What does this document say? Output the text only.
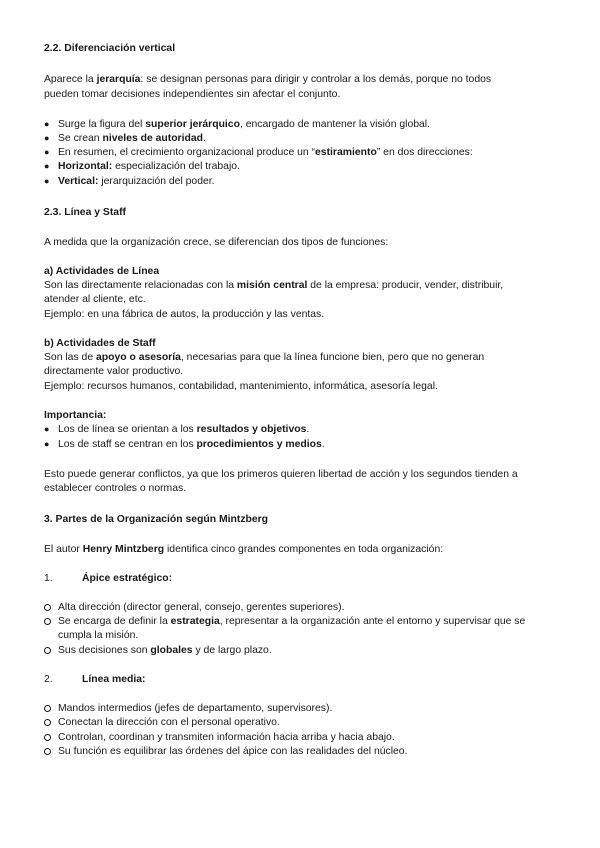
2.2. Diferenciación vertical
Aparece la jerarquía: se designan personas para dirigir y controlar a los demás, porque no todos
pueden tomar decisiones independientes sin afectar el conjunto.
● Surge la figura del superior jerárquico, encargado de mantener la visión global.
● Se crean niveles de autoridad.
● En resumen, el crecimiento organizacional produce un “estiramiento” en dos direcciones:
● Horizontal: especialización del trabajo.
● Vertical: jerarquización del poder.
2.3. Línea y Staff
A medida que la organización crece, se diferencian dos tipos de funciones:
a) Actividades de Línea
Son las directamente relacionadas con la misión central de la empresa: producir, vender, distribuir,
atender al cliente, etc.
Ejemplo: en una fábrica de autos, la producción y las ventas.
b) Actividades de Staff
Son las de apoyo o asesoría, necesarias para que la línea funcione bien, pero que no generan
directamente valor productivo.
Ejemplo: recursos humanos, contabilidad, mantenimiento, informática, asesoría legal.
Importancia:
● Los de línea se orientan a los resultados y objetivos.
● Los de staff se centran en los procedimientos y medios.
Esto puede generar conflictos, ya que los primeros quieren libertad de acción y los segundos tienden a
establecer controles o normas.
3. Partes de la Organización según Mintzberg
El autor Henry Mintzberg identifica cinco grandes componentes en toda organización:
1.	Ápice estratégico:
Alta dirección (director general, consejo, gerentes superiores).
Se encarga de definir la estrategia, representar a la organización ante el entorno y supervisar que se
cumpla la misión.
Sus decisiones son globales y de largo plazo.
2.	Línea media:
Mandos intermedios (jefes de departamento, supervisores).
Conectan la dirección con el personal operativo.
Controlan, coordinan y transmiten información hacia arriba y hacia abajo.
Su función es equilibrar las órdenes del ápice con las realidades del núcleo.
